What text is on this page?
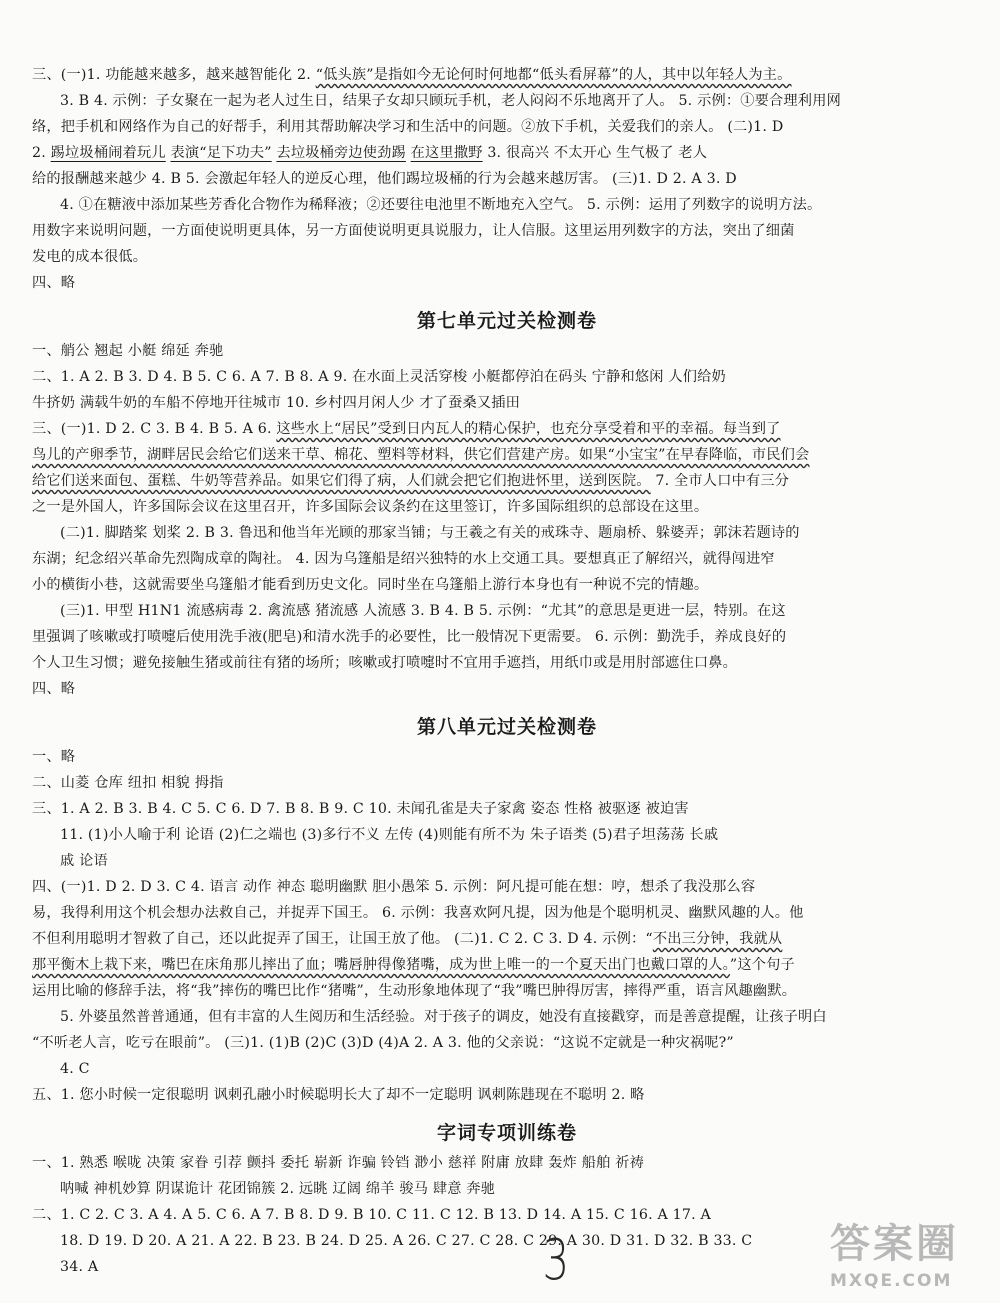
三、(一)1. 功能越来越多，越来越智能化 2. “低头族”是指如今无论何时何地都“低头看屏幕”的人，其中以年轻人为主。
3. B 4. 示例：子女聚在一起为老人过生日，结果子女却只顾玩手机，老人闷闷不乐地离开了人。 5. 示例：①要合理利用网
络，把手机和网络作为自己的好帮手，利用其帮助解决学习和生活中的问题。②放下手机，关爱我们的亲人。 (二)1. D
2. 踢垃圾桶闹着玩儿 表演“足下功夫” 去垃圾桶旁边使劲踢 在这里撒野 3. 很高兴 不太开心 生气极了 老人
给的报酬越来越少 4. B 5. 会激起年轻人的逆反心理，他们踢垃圾桶的行为会越来越厉害。 (三)1. D 2. A 3. D
4. ①在糖液中添加某些芳香化合物作为稀释液；②还要往电池里不断地充入空气。 5. 示例：运用了列数字的说明方法。
用数字来说明问题，一方面使说明更具体，另一方面使说明更具说服力，让人信服。这里运用列数字的方法，突出了细菌
发电的成本很低。
四、略
第七单元过关检测卷
一、艄公 翘起 小艇 绵延 奔驰
二、1. A 2. B 3. D 4. B 5. C 6. A 7. B 8. A 9. 在水面上灵活穿梭 小艇都停泊在码头 宁静和悠闲 人们给奶
牛挤奶 满载牛奶的车船不停地开往城市 10. 乡村四月闲人少 才了蚕桑又插田
三、(一)1. D 2. C 3. B 4. B 5. A 6. 这些水上“居民”受到日内瓦人的精心保护，也充分享受着和平的幸福。每当到了
鸟儿的产卵季节，湖畔居民会给它们送来干草、棉花、塑料等材料，供它们营建产房。如果“小宝宝”在早春降临，市民们会
给它们送来面包、蛋糕、牛奶等营养品。如果它们得了病，人们就会把它们抱进怀里，送到医院。 7. 全市人口中有三分
之一是外国人，许多国际会议在这里召开，许多国际会议条约在这里签订，许多国际组织的总部设在这里。
(二)1. 脚踏桨 划桨 2. B 3. 鲁迅和他当年光顾的那家当铺；与王羲之有关的戒珠寺、题扇桥、躲婆弄；郭沫若题诗的
东湖；纪念绍兴革命先烈陶成章的陶社。 4. 因为乌篷船是绍兴独特的水上交通工具。要想真正了解绍兴，就得闯进窄
小的横街小巷，这就需要坐乌篷船才能看到历史文化。同时坐在乌篷船上游行本身也有一种说不完的情趣。
(三)1. 甲型 H1N1 流感病毒 2. 禽流感 猪流感 人流感 3. B 4. B 5. 示例：“尤其”的意思是更进一层，特别。在这
里强调了咳嗽或打喷嚏后使用洗手液(肥皂)和清水洗手的必要性，比一般情况下更需要。 6. 示例：勤洗手，养成良好的
个人卫生习惯；避免接触生猪或前往有猪的场所；咳嗽或打喷嚏时不宜用手遮挡，用纸巾或是用肘部遮住口鼻。
四、略
第八单元过关检测卷
一、略
二、山菱 仓库 纽扣 相貌 拇指
三、1. A 2. B 3. B 4. C 5. C 6. D 7. B 8. B 9. C 10. 未闻孔雀是夫子家禽 姿态 性格 被驱逐 被迫害
11. (1)小人喻于利 论语 (2)仁之端也 (3)多行不义 左传 (4)则能有所不为 朱子语类 (5)君子坦荡荡 长戚
戚 论语
四、(一)1. D 2. D 3. C 4. 语言 动作 神态 聪明幽默 胆小愚笨 5. 示例：阿凡提可能在想：哼，想杀了我没那么容
易，我得利用这个机会想办法救自己，并捉弄下国王。 6. 示例：我喜欢阿凡提，因为他是个聪明机灵、幽默风趣的人。他
不但利用聪明才智救了自己，还以此捉弄了国王，让国王放了他。 (二)1. C 2. C 3. D 4. 示例：“不出三分钟，我就从
那平衡木上栽下来，嘴巴在床角那儿摔出了血；嘴唇肿得像猪嘴，成为世上唯一的一个夏天出门也戴口罩的人。”这个句子
运用比喻的修辞手法，将“我”摔伤的嘴巴比作“猪嘴”，生动形象地体现了“我”嘴巴肿得厉害，摔得严重，语言风趣幽默。
5. 外婆虽然普普通通，但有丰富的人生阅历和生活经验。对于孩子的调皮，她没有直接戳穿，而是善意提醒，让孩子明白
“不听老人言，吃亏在眼前”。 (三)1. (1)B (2)C (3)D (4)A 2. A 3. 他的父亲说：“这说不定就是一种灾祸呢?”
4. C
五、1. 您小时候一定很聪明 讽刺孔融小时候聪明长大了却不一定聪明 讽刺陈韪现在不聪明 2. 略
字词专项训练卷
一、1. 熟悉 喉咙 决策 家眷 引荐 颤抖 委托 崭新 诈骗 铃铛 渺小 慈祥 附庸 放肆 轰炸 船舶 祈祷
呐喊 神机妙算 阴谋诡计 花团锦簇 2. 远眺 辽阔 绵羊 骏马 肆意 奔驰
二、1. C 2. C 3. A 4. A 5. C 6. A 7. B 8. D 9. B 10. C 11. C 12. B 13. D 14. A 15. C 16. A 17. A
18. D 19. D 20. A 21. A 22. B 23. B 24. D 25. A 26. C 27. C 28. C 29. A 30. D 31. D 32. B 33. C
34. A	3	答案圈
MXQE.COM
